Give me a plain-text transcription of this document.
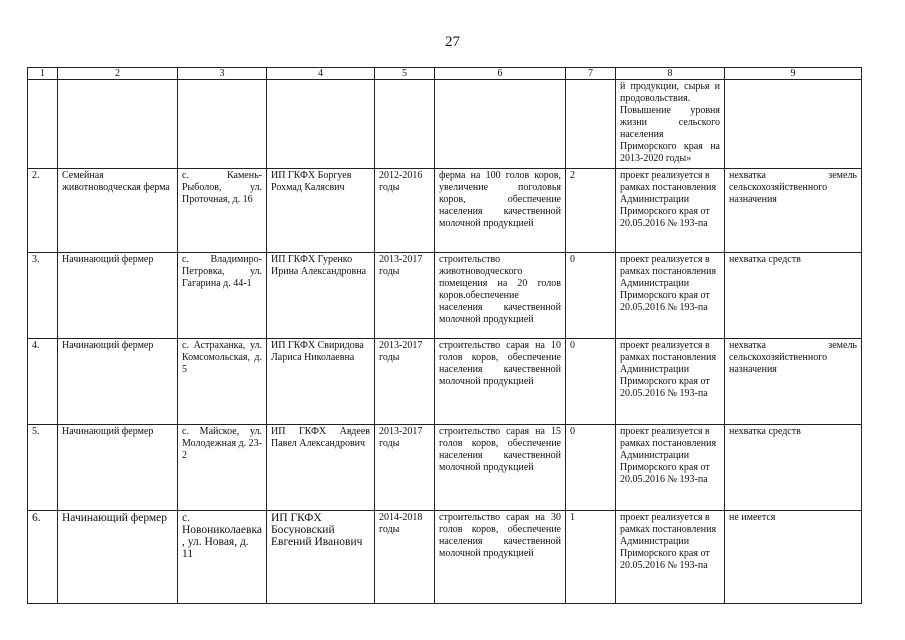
27
1	2	3	4	5	6	7	8	9
							й продукции, сырья и продовольствия. Повышение уровня жизни сельского населения Приморского края на 2013-2020 годы»	
2.	Семейная животноводческая ферма	с. Камень-Рыболов, ул. Проточная, д. 16	ИП ГКФХ Боргуев Рохмад Калясвич	2012-2016 годы	ферма на 100 голов коров, увеличение поголовья коров, обеспечение населения качественной молочной продукцией	2	проект реализуется в рамках постановления Администрации Приморского края от 20.05.2016 № 193-па	нехватка земель сельскохозяйственного назначения
3.	Начинающий фермер	с. Владимиро-Петровка, ул. Гагарина д. 44-1	ИП ГКФХ Гуренко Ирина Александровна	2013-2017 годы	строительство животноводческого помещения на 20 голов коров.обеспечение населения качественной молочной продукцией	0	проект реализуется в рамках постановления Администрации Приморского края от 20.05.2016 № 193-па	нехватка средств
4.	Начинающий фермер	с. Астраханка, ул. Комсомольская, д. 5	ИП ГКФХ Свиридова Лариса Николаевна	2013-2017 годы	строительство сарая на 10 голов коров, обеспечение населения качественной молочной продукцией	0	проект реализуется в рамках постановления Администрации Приморского края от 20.05.2016 № 193-па	нехватка земель сельскохозяйственного назначения
5.	Начинающий фермер	с. Майское, ул. Молодежная д. 23-2	ИП ГКФХ Авдеев Павел Александрович	2013-2017 годы	строительство сарая на 15 голов коров, обеспечение населения качественной молочной продукцией	0	проект реализуется в рамках постановления Администрации Приморского края от 20.05.2016 № 193-па	нехватка средств
6.	Начинающий фермер	с. Новониколаевка , ул. Новая, д. 11	ИП ГКФХ Босуновский Евгений Иванович	2014-2018 годы	строительство сарая на 30 голов коров, обеспечение населения качественной молочной продукцией	1	проект реализуется в рамках постановления Администрации Приморского края от 20.05.2016 № 193-па	не имеется
